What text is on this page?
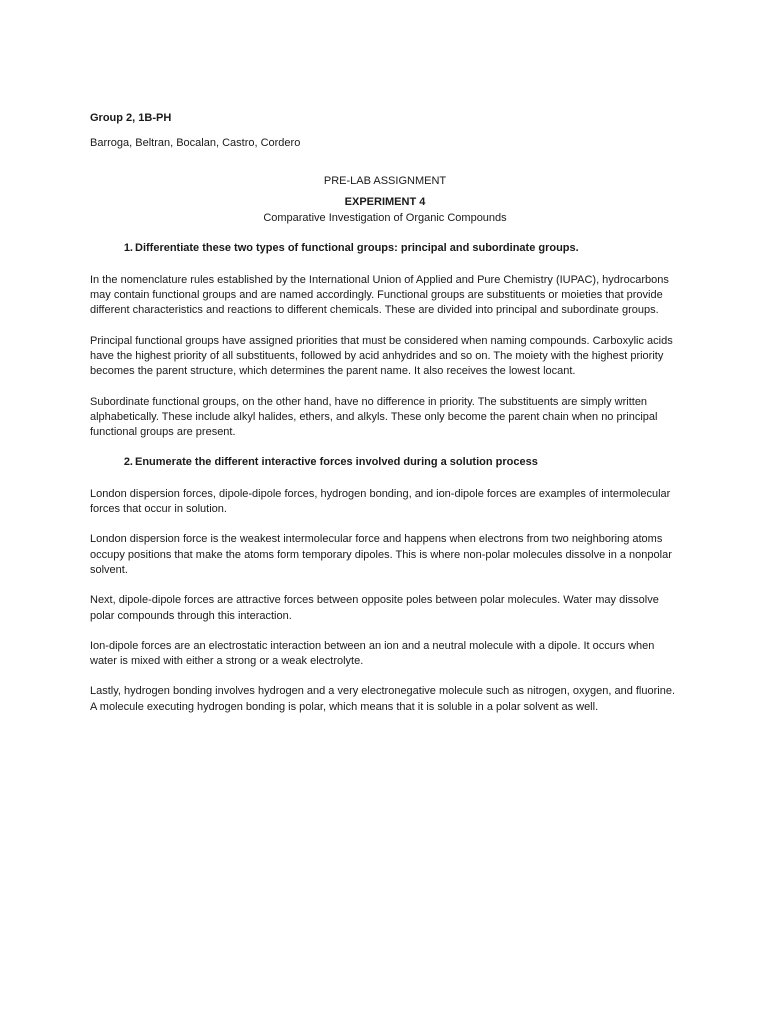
Group 2, 1B-PH
Barroga, Beltran, Bocalan, Castro, Cordero
PRE-LAB ASSIGNMENT
EXPERIMENT 4
Comparative Investigation of Organic Compounds
1. Differentiate these two types of functional groups: principal and subordinate groups.

In the nomenclature rules established by the International Union of Applied and Pure Chemistry (IUPAC), hydrocarbons may contain functional groups and are named accordingly. Functional groups are substituents or moieties that provide different characteristics and reactions to different chemicals. These are divided into principal and subordinate groups.

Principal functional groups have assigned priorities that must be considered when naming compounds. Carboxylic acids have the highest priority of all substituents, followed by acid anhydrides and so on. The moiety with the highest priority becomes the parent structure, which determines the parent name. It also receives the lowest locant.

Subordinate functional groups, on the other hand, have no difference in priority. The substituents are simply written alphabetically. These include alkyl halides, ethers, and alkyls. These only become the parent chain when no principal functional groups are present.

2. Enumerate the different interactive forces involved during a solution process

London dispersion forces, dipole-dipole forces, hydrogen bonding, and ion-dipole forces are examples of intermolecular forces that occur in solution.

London dispersion force is the weakest intermolecular force and happens when electrons from two neighboring atoms occupy positions that make the atoms form temporary dipoles. This is where non-polar molecules dissolve in a nonpolar solvent.

Next, dipole-dipole forces are attractive forces between opposite poles between polar molecules. Water may dissolve polar compounds through this interaction.

Ion-dipole forces are an electrostatic interaction between an ion and a neutral molecule with a dipole. It occurs when water is mixed with either a strong or a weak electrolyte.

Lastly, hydrogen bonding involves hydrogen and a very electronegative molecule such as nitrogen, oxygen, and fluorine. A molecule executing hydrogen bonding is polar, which means that it is soluble in a polar solvent as well.
